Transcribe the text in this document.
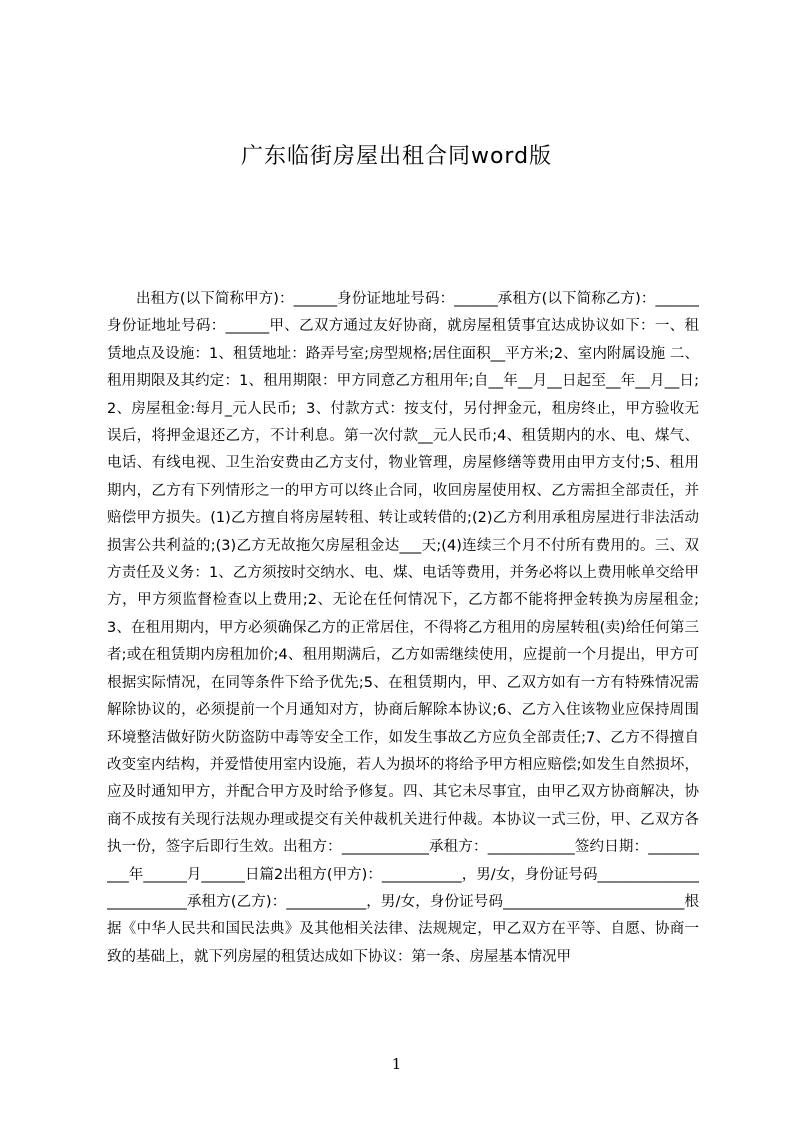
广东临街房屋出租合同word版

出租方(以下简称甲方)：______身份证地址号码：______承租方(以下简称乙方)：______身份证地址号码：______甲、乙双方通过友好协商，就房屋租赁事宜达成协议如下：一、租赁地点及设施：1、租赁地址：路弄号室;房型规格;居住面积__平方米;2、室内附属设施 二、租用期限及其约定：1、租用期限：甲方同意乙方租用年;自__年__月__日起至__年__月__日;2、房屋租金:每月_元人民币;  3、付款方式：按支付，另付押金元，租房终止，甲方验收无误后，将押金退还乙方，不计利息。第一次付款__元人民币;4、租赁期内的水、电、煤气、电话、有线电视、卫生治安费由乙方支付，物业管理，房屋修缮等费用由甲方支付;5、租用期内，乙方有下列情形之一的甲方可以终止合同，收回房屋使用权、乙方需担全部责任，并赔偿甲方损失。(1)乙方擅自将房屋转租、转让或转借的;(2)乙方利用承租房屋进行非法活动损害公共利益的;(3)乙方无故拖欠房屋租金达___天;(4)连续三个月不付所有费用的。三、双方责任及义务：1、乙方须按时交纳水、电、煤、电话等费用，并务必将以上费用帐单交给甲方，甲方须监督检查以上费用;2、无论在任何情况下，乙方都不能将押金转换为房屋租金;3、在租用期内，甲方必须确保乙方的正常居住，不得将乙方租用的房屋转租(卖)给任何第三者;或在租赁期内房租加价;4、租用期满后，乙方如需继续使用，应提前一个月提出，甲方可根据实际情况，在同等条件下给予优先;5、在租赁期内，甲、乙双方如有一方有特殊情况需解除协议的，必须提前一个月通知对方，协商后解除本协议;6、乙方入住该物业应保持周围环境整洁做好防火防盗防中毒等安全工作，如发生事故乙方应负全部责任;7、乙方不得擅自改变室内结构，并爱惜使用室内设施，若人为损坏的将给予甲方相应赔偿;如发生自然损坏，应及时通知甲方，并配合甲方及时给予修复。四、其它未尽事宜，由甲乙双方协商解决，协商不成按有关现行法规办理或提交有关仲裁机关进行仲裁。本协议一式三份，甲、乙双方各执一份，签字后即行生效。出租方：____________承租方：____________签约日期：__________年______月______日篇2出租方(甲方)：___________，男/女，身份证号码_________________________承租方(乙方)：___________，男/女，身份证号码_________________________根据《中华人民共和国民法典》及其他相关法律、法规规定，甲乙双方在平等、自愿、协商一致的基础上，就下列房屋的租赁达成如下协议：第一条、房屋基本情况甲

1
